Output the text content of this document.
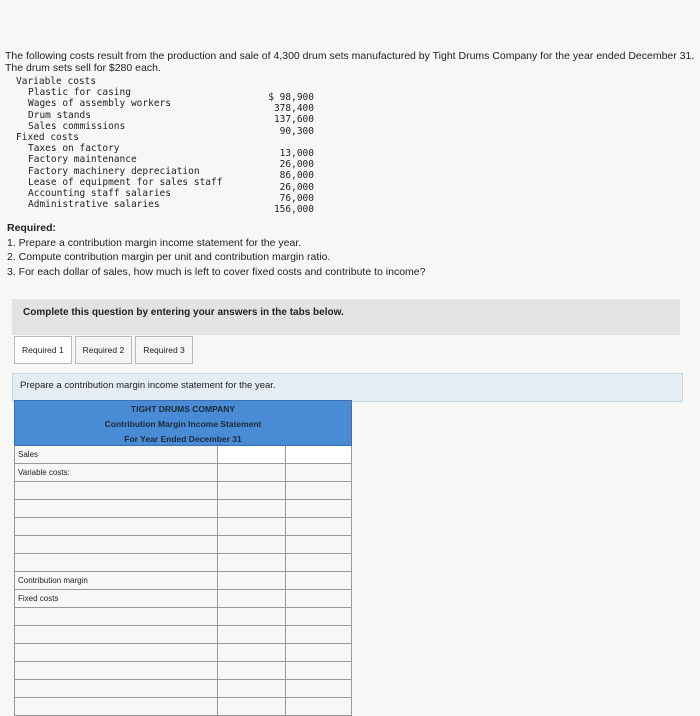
The following costs result from the production and sale of 4,300 drum sets manufactured by Tight Drums Company for the year ended December 31. The drum sets sell for $280 each.
Variable costs
Plastic for casing
Wages of assembly workers
Drum stands
Sales commissions
Fixed costs
Taxes on factory
Factory maintenance
Factory machinery depreciation
Lease of equipment for sales staff
Accounting staff salaries
Administrative salaries
$ 98,900
378,400
137,600
90,300
13,000
26,000
86,000
26,000
76,000
156,000
Required:
1. Prepare a contribution margin income statement for the year.
2. Compute contribution margin per unit and contribution margin ratio.
3. For each dollar of sales, how much is left to cover fixed costs and contribute to income?
Complete this question by entering your answers in the tabs below.
Required 1	Required 2	Required 3
Prepare a contribution margin income statement for the year.
TIGHT DRUMS COMPANY
Contribution Margin Income Statement
For Year Ended December 31
Sales
Variable costs:
Contribution margin
Fixed costs
